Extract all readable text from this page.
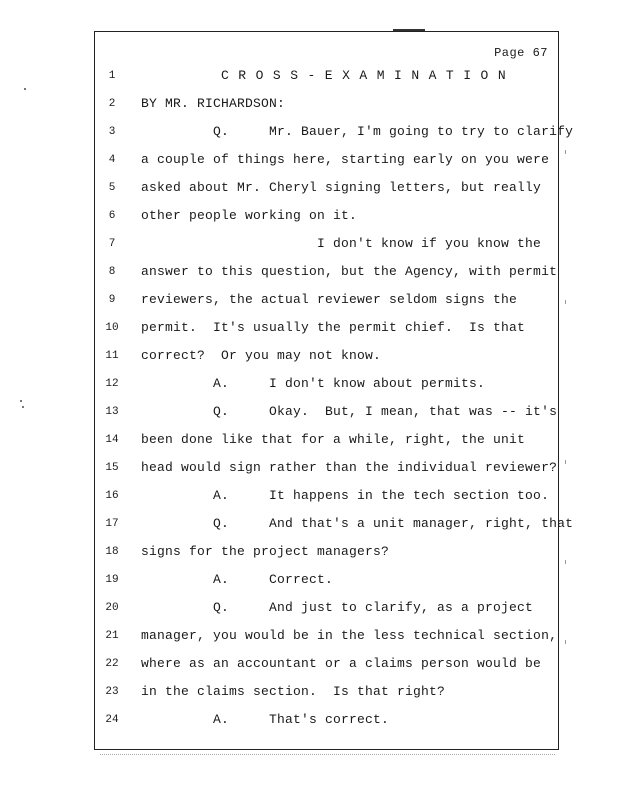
Page 67
CROSS-EXAMINATION
1
2	BY MR. RICHARDSON:
3	Q.     Mr. Bauer, I'm going to try to clarify
4	a couple of things here, starting early on you were
5	asked about Mr. Cheryl signing letters, but really
6	other people working on it.
7	I don't know if you know the
8	answer to this question, but the Agency, with permit
9	reviewers, the actual reviewer seldom signs the
10	permit.  It's usually the permit chief.  Is that
11	correct?  Or you may not know.
12	A.     I don't know about permits.
13	Q.     Okay.  But, I mean, that was -- it's
14	been done like that for a while, right, the unit
15	head would sign rather than the individual reviewer?
16	A.     It happens in the tech section too.
17	Q.     And that's a unit manager, right, that
18	signs for the project managers?
19	A.     Correct.
20	Q.     And just to clarify, as a project
21	manager, you would be in the less technical section,
22	where as an accountant or a claims person would be
23	in the claims section.  Is that right?
24	A.     That's correct.
